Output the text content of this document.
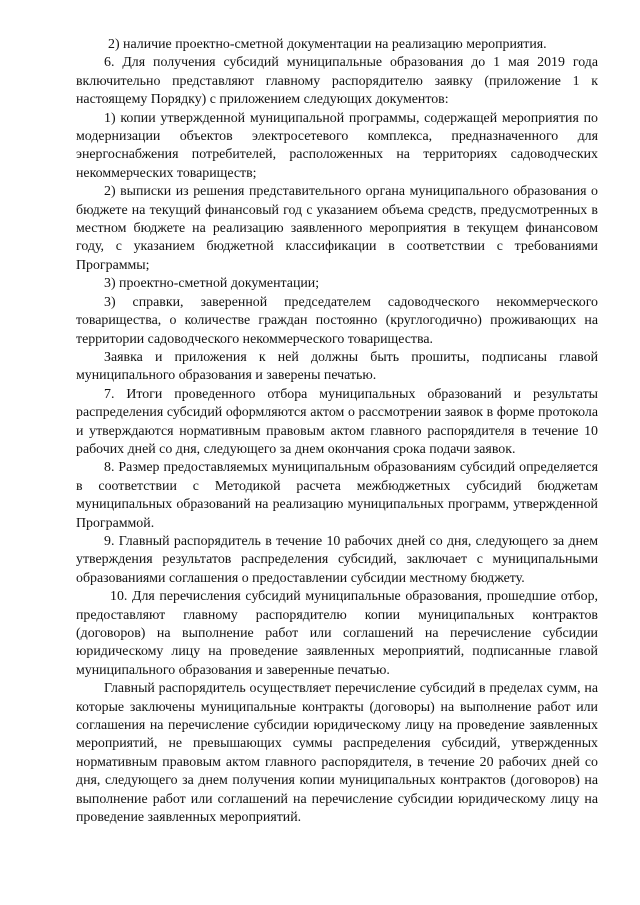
2) наличие проектно-сметной документации на реализацию мероприятия.

6. Для получения субсидий муниципальные образования до 1 мая 2019 года включительно представляют главному распорядителю заявку (приложение 1 к настоящему Порядку) с приложением следующих документов:

1) копии утвержденной муниципальной программы, содержащей мероприятия по модернизации объектов электросетевого комплекса, предназначенного для энергоснабжения потребителей, расположенных на территориях садоводческих некоммерческих товариществ;

2) выписки из решения представительного органа муниципального образования о бюджете на текущий финансовый год с указанием объема средств, предусмотренных в местном бюджете на реализацию заявленного мероприятия в текущем финансовом году, с указанием бюджетной классификации в соответствии с требованиями Программы;

3) проектно-сметной документации;

3) справки, заверенной председателем садоводческого некоммерческого товарищества, о количестве граждан постоянно (круглогодично) проживающих на территории садоводческого некоммерческого товарищества.

Заявка и приложения к ней должны быть прошиты, подписаны главой муниципального образования и заверены печатью.

7. Итоги проведенного отбора муниципальных образований и результаты распределения субсидий оформляются актом о рассмотрении заявок в форме протокола и утверждаются нормативным правовым актом главного распорядителя в течение 10 рабочих дней со дня, следующего за днем окончания срока подачи заявок.

8. Размер предоставляемых муниципальным образованиям субсидий определяется в соответствии с Методикой расчета межбюджетных субсидий бюджетам муниципальных образований на реализацию муниципальных программ, утвержденной Программой.

9. Главный распорядитель в течение 10 рабочих дней со дня, следующего за днем утверждения результатов распределения субсидий, заключает с муниципальными образованиями соглашения о предоставлении субсидии местному бюджету.

10. Для перечисления субсидий муниципальные образования, прошедшие отбор, предоставляют главному распорядителю копии муниципальных контрактов (договоров) на выполнение работ или соглашений на перечисление субсидии юридическому лицу на проведение заявленных мероприятий, подписанные главой муниципального образования и заверенные печатью.

Главный распорядитель осуществляет перечисление субсидий в пределах сумм, на которые заключены муниципальные контракты (договоры) на выполнение работ или соглашения на перечисление субсидии юридическому лицу на проведение заявленных мероприятий, не превышающих суммы распределения субсидий, утвержденных нормативным правовым актом главного распорядителя, в течение 20 рабочих дней со дня, следующего за днем получения копии муниципальных контрактов (договоров) на выполнение работ или соглашений на перечисление субсидии юридическому лицу на проведение заявленных мероприятий.
